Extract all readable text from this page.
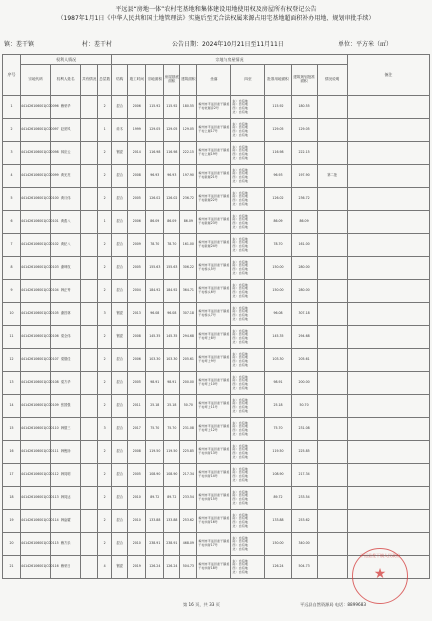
平远县“房地一体”农村宅基地和集体建设用地使用权及房屋所有权登记公告
（1987年1月1日《中华人民共和国土地管理法》实施后至无合法权属来源占用宅基地超面积补办用地、规划审批手续）
镇：差干镇	村：差干村	公告日期：2024年10月21日至11月11日	单位：平方米（㎡）
序号	权利人情况				宗地与房屋情况										备注
	宗地代码	权利人姓名	共有情况	总层数	结构	竣工时间	宗地面积	房屋基底面积	建筑面积	坐落	四至	批准用地面积	建筑规划批准面积	情况说明	
1	441426106001JC00096	赖荣华		2	混合	2006	115.92	115.92	180.55	梅州市平远县差干镇差干村老屋旁2号	东：自有地
南：自有地
西：自有地
北：自有地	115.92	180.55		
2	441426106001JC00097	赵宽风		1	砖木	1999	129.05	129.05	129.05	梅州市平远县差干镇差干村上屋17号	东：自有地
南：自有地
西：自有地
北：自有地	129.05	129.05		
3	441426106001JC00098	林应云		2	钢混	2014	116.98	116.98	222.15	梅州市平远县差干镇差干村上屋19号	东：自有地
南：自有地
西：自有地
北：自有地	116.98	222.15		
4	441426106001JC00099	黄光亮		2	混合	2008	96.93	96.93	197.90	梅州市平远县差干镇差干村新屋21号	东：自有地
南：自有地
西：自有地
北：自有地	96.93	197.90	第二批	
5	441426106001JC00100	黄月伟		2	混合	2005	126.02	126.02	236.72	梅州市平远县差干镇差干村新屋22号	东：自有地
南：自有地
西：自有地
北：自有地	126.02	236.72		
6	441426106001JC00101	黄燕八		1	混合	2006	86.09	86.09	86.09	梅州市平远县差干镇差干村新屋23号	东：自有地
南：自有地
西：自有地
北：自有地	86.09	86.09		
7	441426106001JC00102	黄纪八		2	混合	2009	78.70	78.70	161.00	梅州市平远县差干镇差干村新屋24号	东：自有地
南：自有地
西：自有地
北：自有地	78.70	161.00		
8	441426106001JC00103	谢坤权		2	混合	2005	155.63	155.63	306.22	梅州市平远县差干镇差干村桥头5号	东：自有地
南：自有地
西：自有地
北：自有地	150.00	280.00		
9	441426106001JC00104	韩正秀		2	混合	2004	184.92	184.92	364.71	梅州市平远县差干镇差干村桥头6号	东：自有地
南：自有地
西：自有地
北：自有地	150.00	280.00		
10	441426106001JC00105	谢昌林		3	钢混	2013	96.08	96.08	307.18	梅州市平远县差干镇差干村桥头7号	东：自有地
南：自有地
西：自有地
北：自有地	96.08	307.18		
11	441426106001JC00106	梁全伟		2	钢混	2008	145.35	145.35	294.68	梅州市平远县差干镇差干村坪上8号	东：自有地
南：自有地
西：自有地
北：自有地	145.35	294.68		
12	441426106001JC00107	梁德佳		2	混合	2006	103.30	103.30	205.61	梅州市平远县差干镇差干村坪上9号	东：自有地
南：自有地
西：自有地
北：自有地	103.30	205.61		
13	441426106001JC00108	梁方华		2	混合	2005	98.91	98.91	200.00	梅州市平远县差干镇差干村坪上10号	东：自有地
南：自有地
西：自有地
北：自有地	98.91	200.00		
14	441426106001JC00109	张国强		2	混合	2011	25.18	25.18	50.70	梅州市平远县差干镇差干村坪上11号	东：自有地
南：自有地
西：自有地
北：自有地	25.18	50.70		
15	441426106001JC00110	韩德三		3	混合	2017	75.70	75.70	231.08	梅州市平远县差干镇差干村坪上12号	东：自有地
南：自有地
西：自有地
北：自有地	75.70	231.08		
16	441426106001JC00111	韩俊扬		2	混合	2008	119.50	119.50	225.85	梅州市平远县差干镇差干村岗背13号	东：自有地
南：自有地
西：自有地
北：自有地	119.50	225.85		
17	441426106001JC00112	韩同明		2	混合	2005	108.90	108.90	217.34	梅州市平远县差干镇差干村岗背14号	东：自有地
南：自有地
西：自有地
北：自有地	108.90	217.34		
18	441426106001JC00113	韩同达		2	混合	2010	89.72	89.72	233.54	梅州市平远县差干镇差干村岗背15号	东：自有地
南：自有地
西：自有地
北：自有地	89.72	233.54		
19	441426106001JC00114	韩淦耀		2	混合	2010	133.88	133.88	253.62	梅州市平远县差干镇差干村岗背16号	东：自有地
南：自有地
西：自有地
北：自有地	133.88	253.62		
20	441426106001JC00115	赖方乐		2	混合	2010	238.91	238.91	468.09	梅州市平远县差干镇差干村岗背17号	东：自有地
南：自有地
西：自有地
北：自有地	150.00	340.00		
21	441426106001JC00116	赖荣日		4	钢混	2019	126.24	126.24	504.73	梅州市平远县差干镇差干村岗背18号	东：自有地
南：自有地
西：自有地
北：自有地	126.24	504.73		
平远县差干镇人民政府
★
第 16 页，共 33 页	平远县自然资源局 电话：8899683
